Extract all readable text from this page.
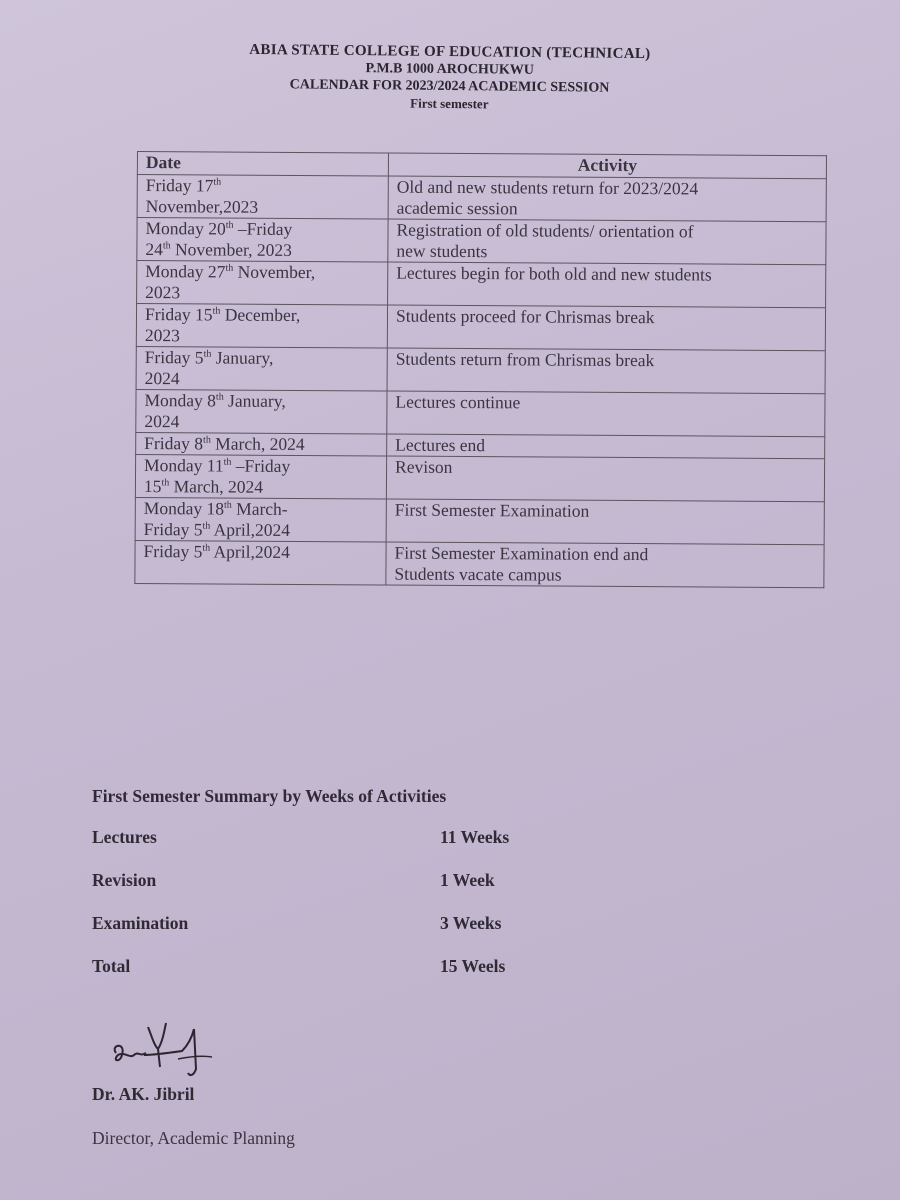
ABIA STATE COLLEGE OF EDUCATION (TECHNICAL)
P.M.B 1000 AROCHUKWU
CALENDAR FOR 2023/2024 ACADEMIC SESSION
First semester
Date	Activity
Friday 17th
November,2023	Old and new students return for 2023/2024
academic session
Monday 20th –Friday
24th November, 2023	Registration of old students/ orientation of
new students
Monday 27th November,
2023	Lectures begin for both old and new students
Friday 15th December,
2023	Students proceed for Chrismas break
Friday 5th January,
2024	Students return from Chrismas break
Monday 8th January,
2024	Lectures continue
Friday 8th March, 2024	Lectures end
Monday 11th –Friday
15th March, 2024	Revison
Monday 18th March-
Friday 5th April,2024	First Semester Examination
Friday 5th April,2024	First Semester Examination end and
Students vacate campus
First Semester Summary by Weeks of Activities
Lectures	11 Weeks
Revision	1 Week
Examination	3 Weeks
Total	15 Weels
Dr. AK. Jibril
Director, Academic Planning
